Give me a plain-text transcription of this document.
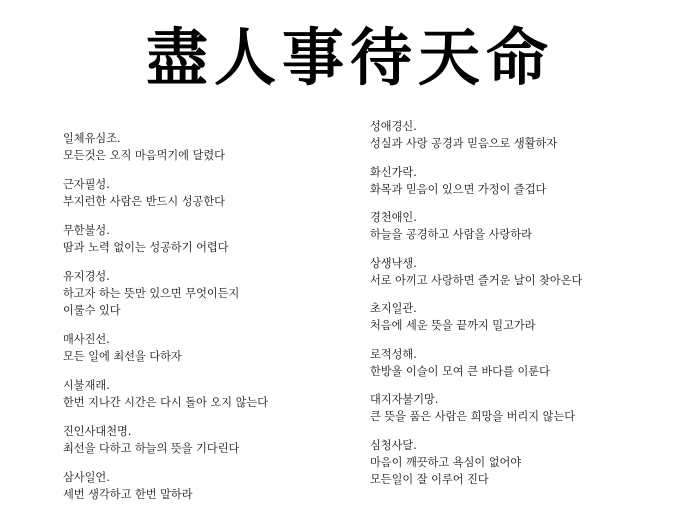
盡人事待天命
일체유심조.
모든것은 오직 마음먹기에 달렸다
근자필성.
부지런한 사람은 반드시 성공한다
무한불성.
땀과 노력 없이는 성공하기 어렵다
유지경성.
하고자 하는 뜻만 있으면 무엇이든지
이룰수 있다
매사진선.
모든 일에 최선을 다하자
시불재래.
한번 지나간 시간은 다시 돌아 오지 않는다
진인사대천명.
최선을 다하고 하늘의 뜻을 기다린다
삼사일언.
세번 생각하고 한번 말하라
성애경신.
성실과 사랑 공경과 믿음으로 생활하자
화신가락.
화목과 믿음이 있으면 가정이 즐겁다
경천애인.
하늘을 공경하고 사람을 사랑하라
상생낙생.
서로 아끼고 사랑하면 즐거운 날이 찾아온다
초지일관.
처음에 세운 뜻을 끝까지 밀고가라
로적성해.
한방울 이슬이 모여 큰 바다를 이룬다
대지자불기망.
큰 뜻을 품은 사람은 희망을 버리지 않는다
심청사달.
마음이 깨끗하고 욕심이 없어야
모든일이 잘 이루어 진다
